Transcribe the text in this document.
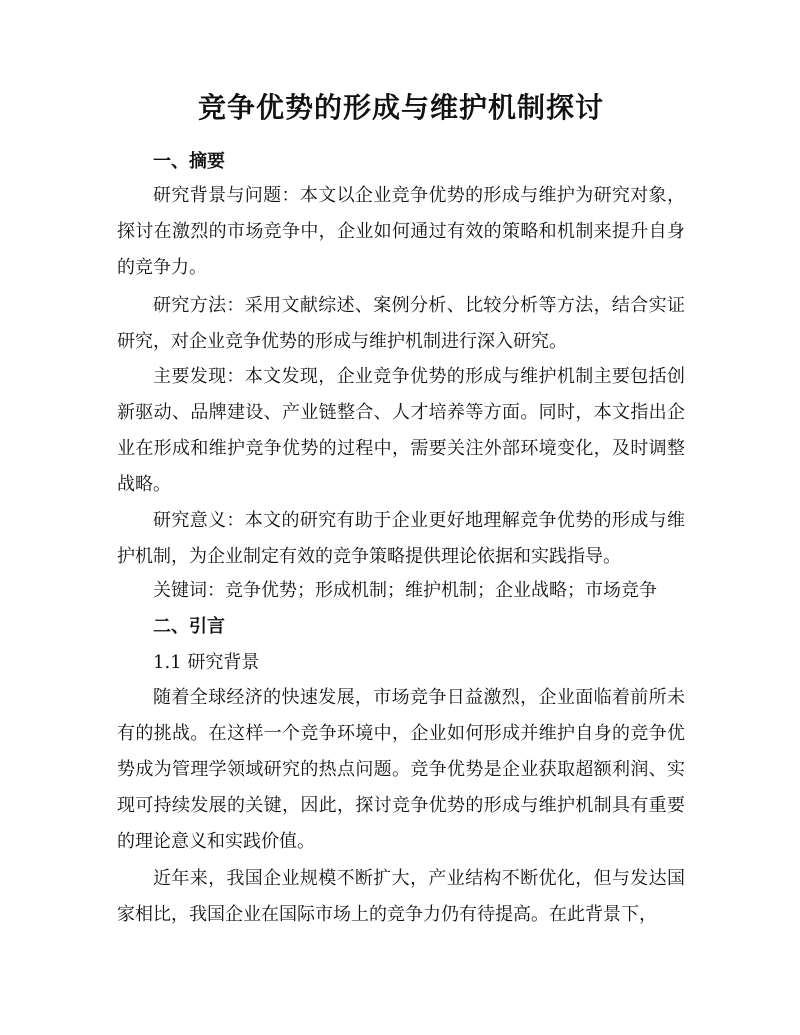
竞争优势的形成与维护机制探讨
一、摘要
研究背景与问题：本文以企业竞争优势的形成与维护为研究对象，探讨在激烈的市场竞争中，企业如何通过有效的策略和机制来提升自身的竞争力。
研究方法：采用文献综述、案例分析、比较分析等方法，结合实证研究，对企业竞争优势的形成与维护机制进行深入研究。
主要发现：本文发现，企业竞争优势的形成与维护机制主要包括创新驱动、品牌建设、产业链整合、人才培养等方面。同时，本文指出企业在形成和维护竞争优势的过程中，需要关注外部环境变化，及时调整战略。
研究意义：本文的研究有助于企业更好地理解竞争优势的形成与维护机制，为企业制定有效的竞争策略提供理论依据和实践指导。
关键词：竞争优势；形成机制；维护机制；企业战略；市场竞争
二、引言
1.1 研究背景
随着全球经济的快速发展，市场竞争日益激烈，企业面临着前所未有的挑战。在这样一个竞争环境中，企业如何形成并维护自身的竞争优势成为管理学领域研究的热点问题。竞争优势是企业获取超额利润、实现可持续发展的关键，因此，探讨竞争优势的形成与维护机制具有重要的理论意义和实践价值。
近年来，我国企业规模不断扩大，产业结构不断优化，但与发达国家相比，我国企业在国际市场上的竞争力仍有待提高。在此背景下，
